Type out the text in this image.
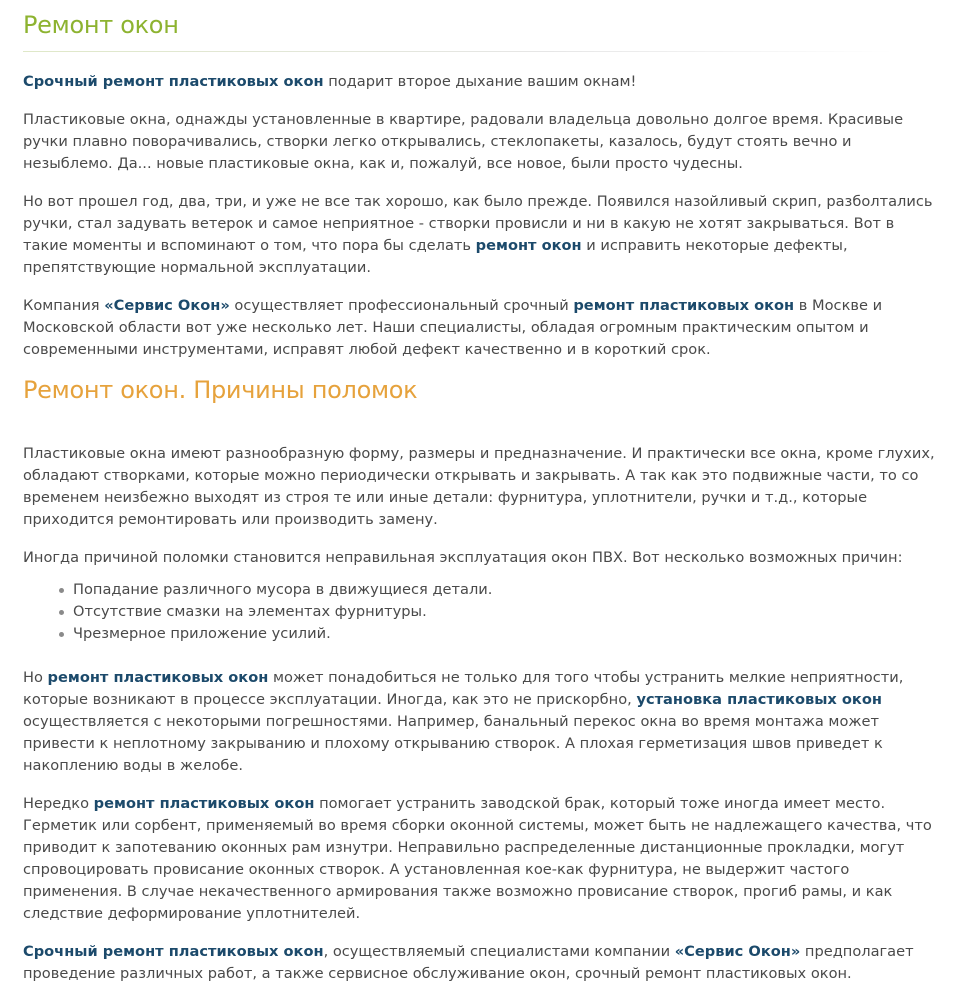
Ремонт окон

Срочный ремонт пластиковых окон подарит второе дыхание вашим окнам!

Пластиковые окна, однажды установленные в квартире, радовали владельца довольно долгое время. Красивые ручки плавно поворачивались, створки легко открывались, стеклопакеты, казалось, будут стоять вечно и незыблемо. Да... новые пластиковые окна, как и, пожалуй, все новое, были просто чудесны.

Но вот прошел год, два, три, и уже не все так хорошо, как было прежде. Появился назойливый скрип, разболтались ручки, стал задувать ветерок и самое неприятное - створки провисли и ни в какую не хотят закрываться. Вот в такие моменты и вспоминают о том, что пора бы сделать ремонт окон и исправить некоторые дефекты, препятствующие нормальной эксплуатации.

Компания «Сервис Окон» осуществляет профессиональный срочный ремонт пластиковых окон в Москве и Московской области вот уже несколько лет. Наши специалисты, обладая огромным практическим опытом и современными инструментами, исправят любой дефект качественно и в короткий срок.

Ремонт окон. Причины поломок

Пластиковые окна имеют разнообразную форму, размеры и предназначение. И практически все окна, кроме глухих, обладают створками, которые можно периодически открывать и закрывать. А так как это подвижные части, то со временем неизбежно выходят из строя те или иные детали: фурнитура, уплотнители, ручки и т.д., которые приходится ремонтировать или производить замену.

Иногда причиной поломки становится неправильная эксплуатация окон ПВХ. Вот несколько возможных причин:

Попадание различного мусора в движущиеся детали.
Отсутствие смазки на элементах фурнитуры.
Чрезмерное приложение усилий.

Но ремонт пластиковых окон может понадобиться не только для того чтобы устранить мелкие неприятности, которые возникают в процессе эксплуатации. Иногда, как это не прискорбно, установка пластиковых окон осуществляется с некоторыми погрешностями. Например, банальный перекос окна во время монтажа может привести к неплотному закрыванию и плохому открыванию створок. А плохая герметизация швов приведет к накоплению воды в желобе.

Нередко ремонт пластиковых окон помогает устранить заводской брак, который тоже иногда имеет место. Герметик или сорбент, применяемый во время сборки оконной системы, может быть не надлежащего качества, что приводит к запотеванию оконных рам изнутри. Неправильно распределенные дистанционные прокладки, могут спровоцировать провисание оконных створок. А установленная кое-как фурнитура, не выдержит частого применения. В случае некачественного армирования также возможно провисание створок, прогиб рамы, и как следствие деформирование уплотнителей.

Срочный ремонт пластиковых окон, осуществляемый специалистами компании «Сервис Окон» предполагает проведение различных работ, а также сервисное обслуживание окон, срочный ремонт пластиковых окон.
